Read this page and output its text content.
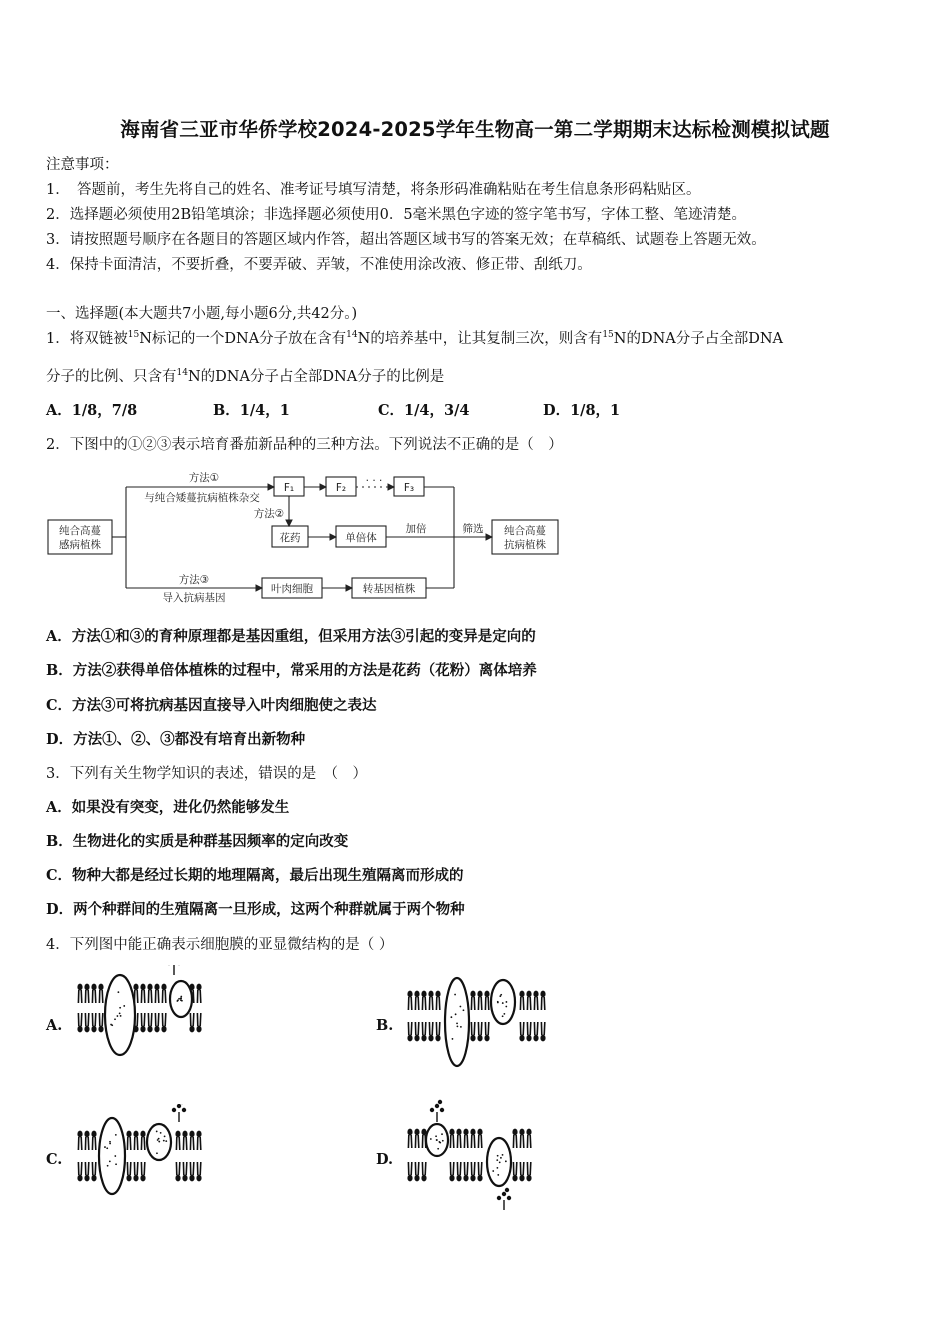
海南省三亚市华侨学校2024-2025学年生物高一第二学期期末达标检测模拟试题
注意事项：
1．　答题前，考生先将自己的姓名、准考证号填写清楚，将条形码准确粘贴在考生信息条形码粘贴区。
2．选择题必须使用2B铅笔填涂；非选择题必须使用0．5毫米黑色字迹的签字笔书写，字体工整、笔迹清楚。
3．请按照题号顺序在各题目的答题区域内作答，超出答题区域书写的答案无效；在草稿纸、试题卷上答题无效。
4．保持卡面清洁，不要折叠，不要弄破、弄皱，不准使用涂改液、修正带、刮纸刀。
一、选择题(本大题共7小题,每小题6分,共42分。)
1．将双链被$^{15}$N标记的一个DNA分子放在含有$^{14}$N的培养基中，让其复制三次，则含有$^{15}$N的DNA分子占全部DNA
分子的比例、只含有$^{14}$N的DNA分子占全部DNA分子的比例是
A．1/8，7/8	B．1/4，1	C．1/4，3/4	D．1/8，1
2．下图中的①②③表示培育番茄新品种的三种方法。下列说法不正确的是（　）
纯合高蔓
感病植株
纯合高蔓
抗病植株
方法①
与纯合矮蔓抗病植株杂交
方法②
方法③
导入抗病基因
F₁	F₂	F₃
· · ·
花药	单倍体
加倍	筛选
叶肉细胞	转基因植株
A．方法①和③的育种原理都是基因重组，但采用方法③引起的变异是定向的
B．方法②获得单倍体植株的过程中，常采用的方法是花药（花粉）离体培养
C．方法③可将抗病基因直接导入叶肉细胞使之表达
D．方法①、②、③都没有培育出新物种
3．下列有关生物学知识的表述，错误的是　（　）
A．如果没有突变，进化仍然能够发生
B．生物进化的实质是种群基因频率的定向改变
C．物种大都是经过长期的地理隔离，最后出现生殖隔离而形成的
D．两个种群间的生殖隔离一旦形成，这两个种群就属于两个物种
4．下列图中能正确表示细胞膜的亚显微结构的是（ ）
A.	B.
C.	D.
